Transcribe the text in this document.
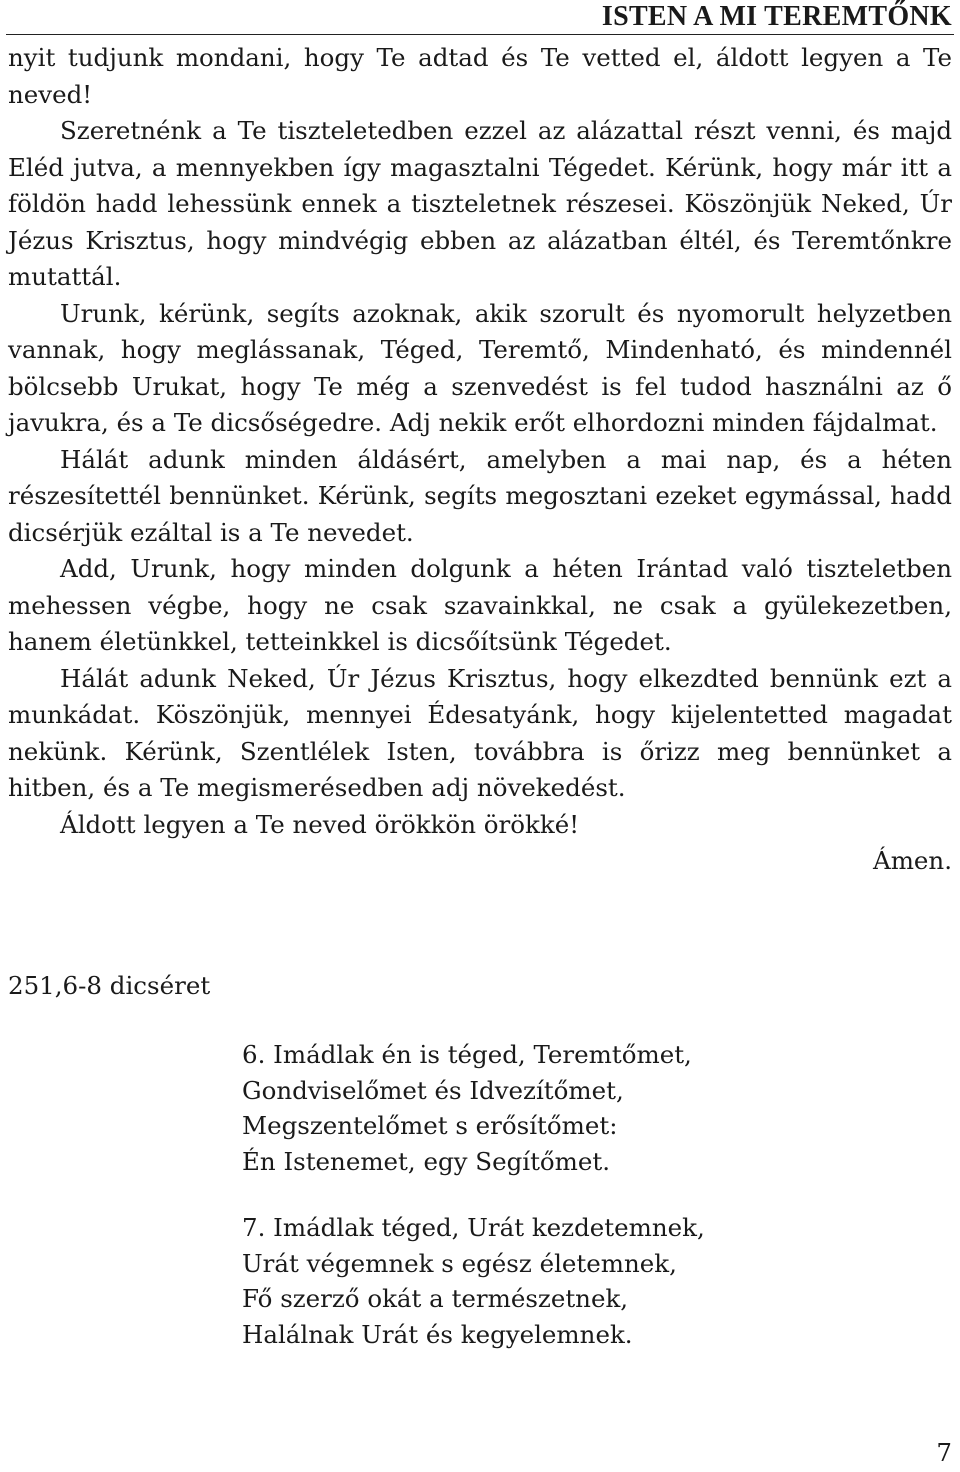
ISTEN A MI TEREMTŐNK

nyit tudjunk mondani, hogy Te adtad és Te vetted el, áldott legyen a Te neved!

Szeretnénk a Te tiszteletedben ezzel az alázattal részt venni, és majd Eléd jutva, a mennyekben így magasztalni Tégedet. Kérünk, hogy már itt a földön hadd lehessünk ennek a tiszteletnek részesei. Köszönjük Neked, Úr Jézus Krisztus, hogy mindvégig ebben az alázatban éltél, és Teremtőnkre mutattál.

Urunk, kérünk, segíts azoknak, akik szorult és nyomorult helyzetben vannak, hogy meglássanak, Téged, Teremtő, Mindenható, és mindennél bölcsebb Urukat, hogy Te még a szenvedést is fel tudod használni az ő javukra, és a Te dicsőségedre. Adj nekik erőt elhordozni minden fájdalmat.

Hálát adunk minden áldásért, amelyben a mai nap, és a héten részesítettél bennünket. Kérünk, segíts megosztani ezeket egymással, hadd dicsérjük ezáltal is a Te nevedet.

Add, Urunk, hogy minden dolgunk a héten Irántad való tiszteletben mehessen végbe, hogy ne csak szavainkkal, ne csak a gyülekezetben, hanem életünkkel, tetteinkkel is dicsőítsünk Tégedet.

Hálát adunk Neked, Úr Jézus Krisztus, hogy elkezdted bennünk ezt a munkádat. Köszönjük, mennyei Édesatyánk, hogy kijelentetted magadat nekünk. Kérünk, Szentlélek Isten, továbbra is őrizz meg bennünket a hitben, és a Te megismerésedben adj növekedést.

Áldott legyen a Te neved örökkön örökké!

Ámen.

251,6-8 dicséret
6. Imádlak én is téged, Teremtőmet,
Gondviselőmet és Idvezítőmet,
Megszentelőmet s erősítőmet:
Én Istenemet, egy Segítőmet.
7. Imádlak téged, Urát kezdetemnek,
Urát végemnek s egész életemnek,
Fő szerző okát a természetnek,
Halálnak Urát és kegyelemnek.
7
